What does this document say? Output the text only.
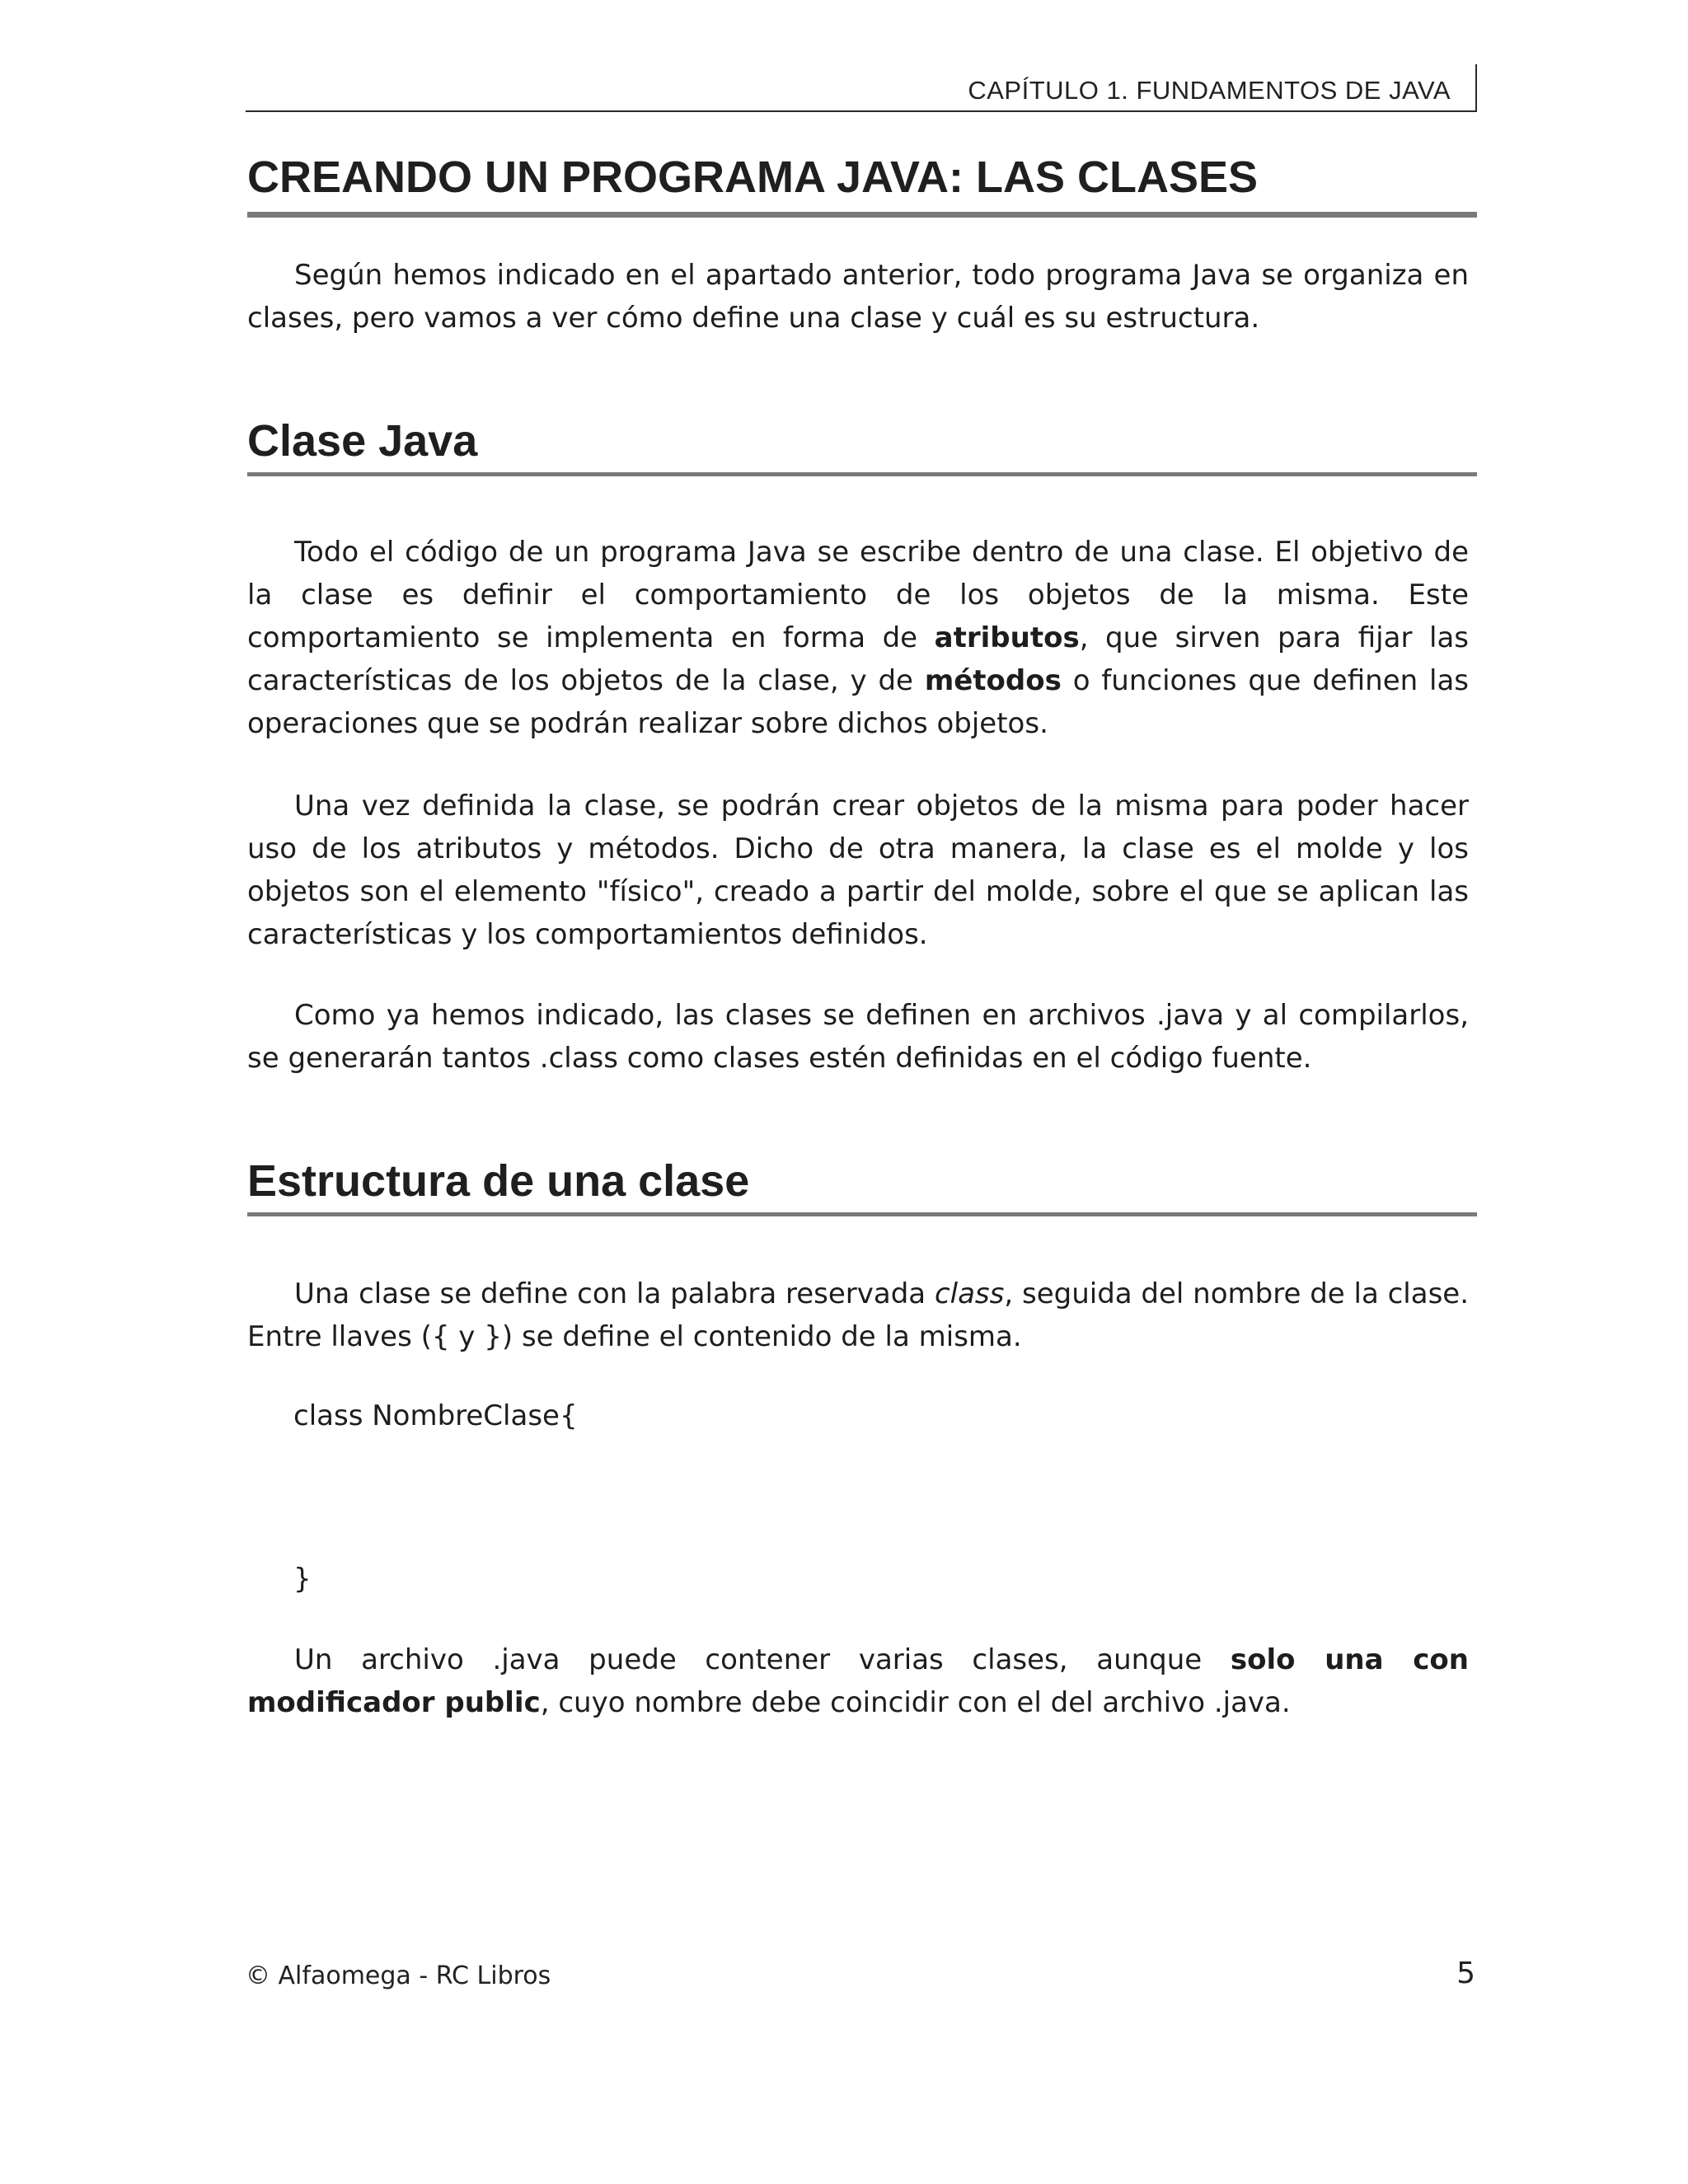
CAPÍTULO 1. FUNDAMENTOS DE JAVA
CREANDO UN PROGRAMA JAVA: LAS CLASES

Según hemos indicado en el apartado anterior, todo programa Java se organiza en clases, pero vamos a ver cómo define una clase y cuál es su estructura.

Clase Java

Todo el código de un programa Java se escribe dentro de una clase. El objetivo de la clase es definir el comportamiento de los objetos de la misma. Este comportamiento se implementa en forma de atributos, que sirven para fijar las características de los objetos de la clase, y de métodos o funciones que definen las operaciones que se podrán realizar sobre dichos objetos.

Una vez definida la clase, se podrán crear objetos de la misma para poder hacer uso de los atributos y métodos. Dicho de otra manera, la clase es el molde y los objetos son el elemento "físico", creado a partir del molde, sobre el que se aplican las características y los comportamientos definidos.

Como ya hemos indicado, las clases se definen en archivos .java y al compilarlos, se generarán tantos .class como clases estén definidas en el código fuente.

Estructura de una clase

Una clase se define con la palabra reservada class, seguida del nombre de la clase. Entre llaves ({ y }) se define el contenido de la misma.

class NombreClase{
}

Un archivo .java puede contener varias clases, aunque solo una con modificador public, cuyo nombre debe coincidir con el del archivo .java.

© Alfaomega - RC Libros	5
